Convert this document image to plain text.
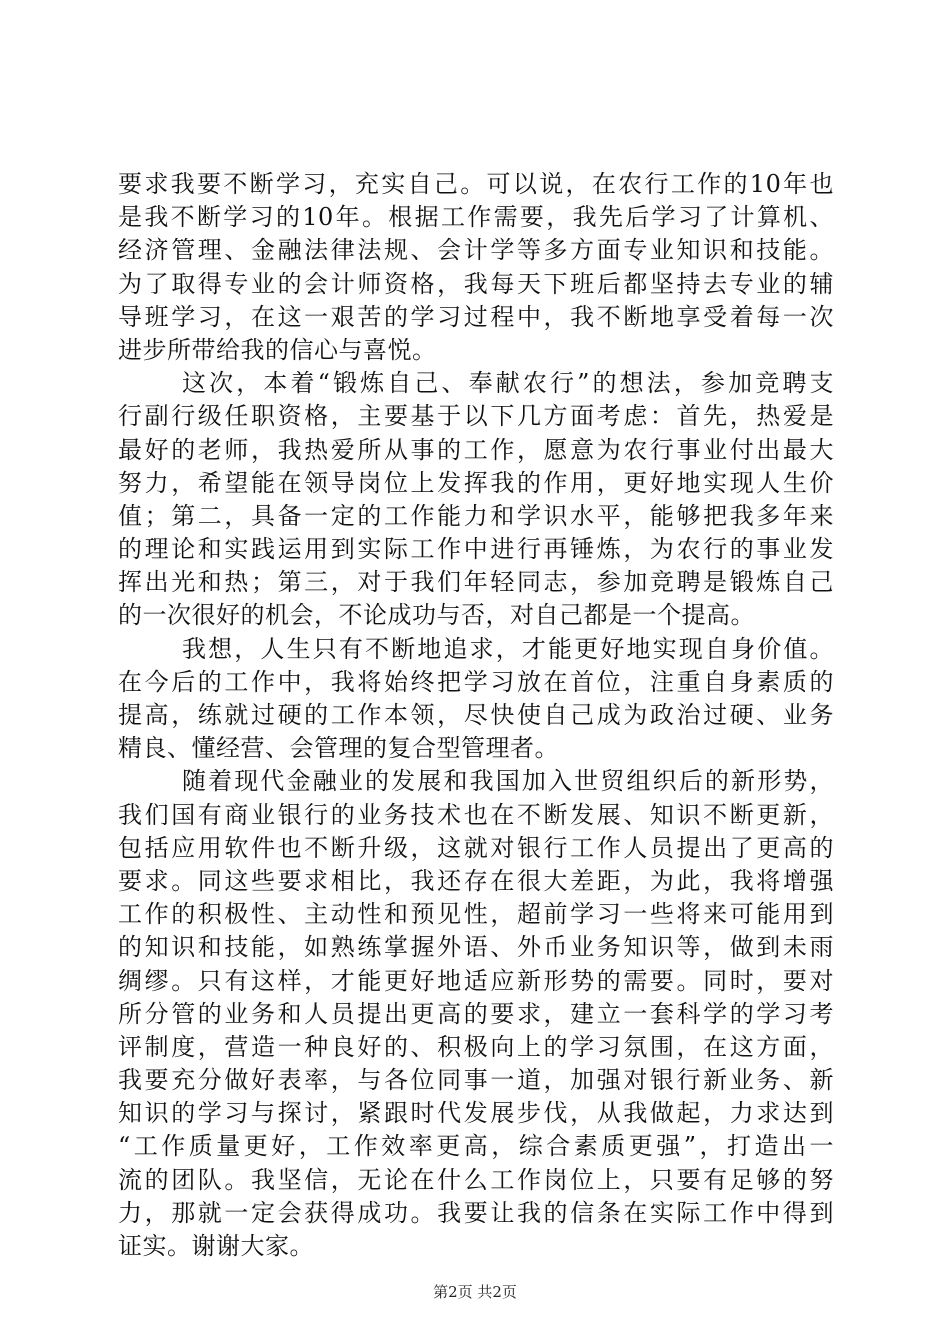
要求我要不断学习，充实自己。可以说，在农行工作的10年也
是我不断学习的10年。根据工作需要，我先后学习了计算机、
经济管理、金融法律法规、会计学等多方面专业知识和技能。
为了取得专业的会计师资格，我每天下班后都坚持去专业的辅
导班学习，在这一艰苦的学习过程中，我不断地享受着每一次
进步所带给我的信心与喜悦。
这次，本着“锻炼自己、奉献农行”的想法，参加竞聘支
行副行级任职资格，主要基于以下几方面考虑：首先，热爱是
最好的老师，我热爱所从事的工作，愿意为农行事业付出最大
努力，希望能在领导岗位上发挥我的作用，更好地实现人生价
值；第二，具备一定的工作能力和学识水平，能够把我多年来
的理论和实践运用到实际工作中进行再锤炼，为农行的事业发
挥出光和热；第三，对于我们年轻同志，参加竞聘是锻炼自己
的一次很好的机会，不论成功与否，对自己都是一个提高。
我想，人生只有不断地追求，才能更好地实现自身价值。
在今后的工作中，我将始终把学习放在首位，注重自身素质的
提高，练就过硬的工作本领，尽快使自己成为政治过硬、业务
精良、懂经营、会管理的复合型管理者。
随着现代金融业的发展和我国加入世贸组织后的新形势，
我们国有商业银行的业务技术也在不断发展、知识不断更新，
包括应用软件也不断升级，这就对银行工作人员提出了更高的
要求。同这些要求相比，我还存在很大差距，为此，我将增强
工作的积极性、主动性和预见性，超前学习一些将来可能用到
的知识和技能，如熟练掌握外语、外币业务知识等，做到未雨
绸缪。只有这样，才能更好地适应新形势的需要。同时，要对
所分管的业务和人员提出更高的要求，建立一套科学的学习考
评制度，营造一种良好的、积极向上的学习氛围，在这方面，
我要充分做好表率，与各位同事一道，加强对银行新业务、新
知识的学习与探讨，紧跟时代发展步伐，从我做起，力求达到
“工作质量更好，工作效率更高，综合素质更强”，打造出一
流的团队。我坚信，无论在什么工作岗位上，只要有足够的努
力，那就一定会获得成功。我要让我的信条在实际工作中得到
证实。谢谢大家。
第2页 共2页
